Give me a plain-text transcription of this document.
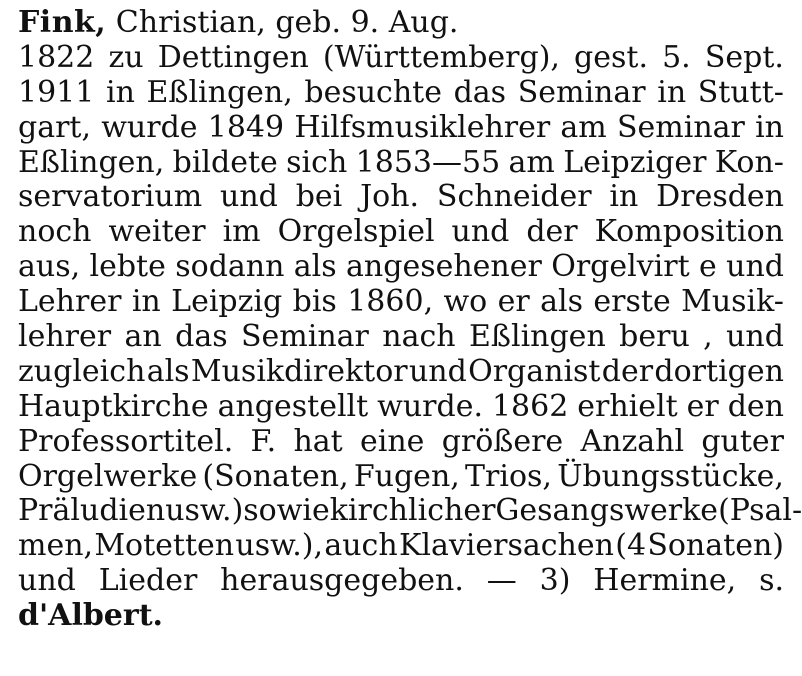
Fink, Christian, geb. 9. Aug.
1822 zu Dettingen (Württemberg), gest. 5. Sept.
1911 in Eßlingen, besuchte das Seminar in Stutt-
gart, wurde 1849 Hilfsmusiklehrer am Seminar in
Eßlingen, bildete sich 1853—55 am Leipziger Kon-
servatorium und bei Joh. Schneider in Dresden
noch weiter im Orgelspiel und der Komposition
aus, lebte sodann als angesehener Orgelvirt e und
Lehrer in Leipzig bis 1860, wo er als erste Musik-
lehrer an das Seminar nach Eßlingen beru , und
zugleich als Musikdirektor und Organist der dortigen
Hauptkirche angestellt wurde. 1862 erhielt er den
Professortitel. F. hat eine größere Anzahl guter
Orgelwerke (Sonaten, Fugen, Trios, Übungsstücke,
Präludien usw.) sowie kirchlicher Gesangswerke (Psal-
men, Motetten usw.), auch Klaviersachen (4 Sonaten)
und Lieder herausgegeben. — 3) Hermine, s.
d'Albert.
